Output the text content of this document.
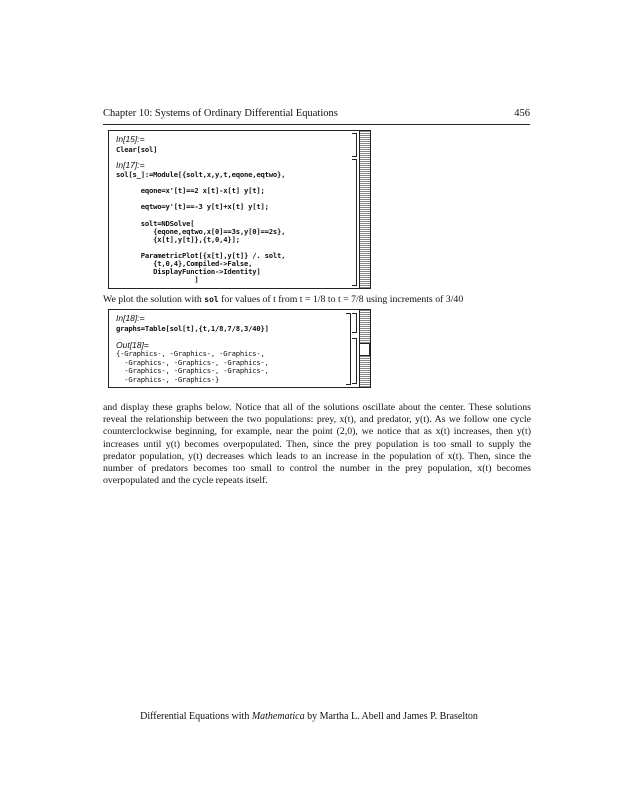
Chapter 10: Systems of Ordinary Differential Equations	456
In[15]:=
Clear[sol]
In[17]:=
sol[s_]:=Module[{solt,x,y,t,eqone,eqtwo},

eqone=x'[t]==2 x[t]-x[t] y[t];

eqtwo=y'[t]==-3 y[t]+x[t] y[t];

solt=NDSolve[
{eqone,eqtwo,x[0]==3s,y[0]==2s},
{x[t],y[t]},{t,0,4}];

ParametricPlot[{x[t],y[t]} /. solt,
{t,0,4},Compiled->False,
DisplayFunction->Identity]
]
We plot the solution with sol for values of t from t = 1/8 to t = 7/8 using increments of 3/40
In[18]:=
graphs=Table[sol[t],{t,1/8,7/8,3/40}]
Out[18]=
{-Graphics-, -Graphics-, -Graphics-,
-Graphics-, -Graphics-, -Graphics-,
-Graphics-, -Graphics-, -Graphics-,
-Graphics-, -Graphics-}
and display these graphs below. Notice that all of the solutions oscillate about the center. These solutions reveal the relationship between the two populations: prey, x(t), and predator, y(t). As we follow one cycle counterclockwise beginning, for example, near the point (2,0), we notice that as x(t) increases, then y(t) increases until y(t) becomes overpopulated. Then, since the prey population is too small to supply the predator population, y(t) decreases which leads to an increase in the population of x(t). Then, since the number of predators becomes too small to control the number in the prey population, x(t) becomes overpopulated and the cycle repeats itself.
Differential Equations with Mathematica by Martha L. Abell and James P. Braselton
